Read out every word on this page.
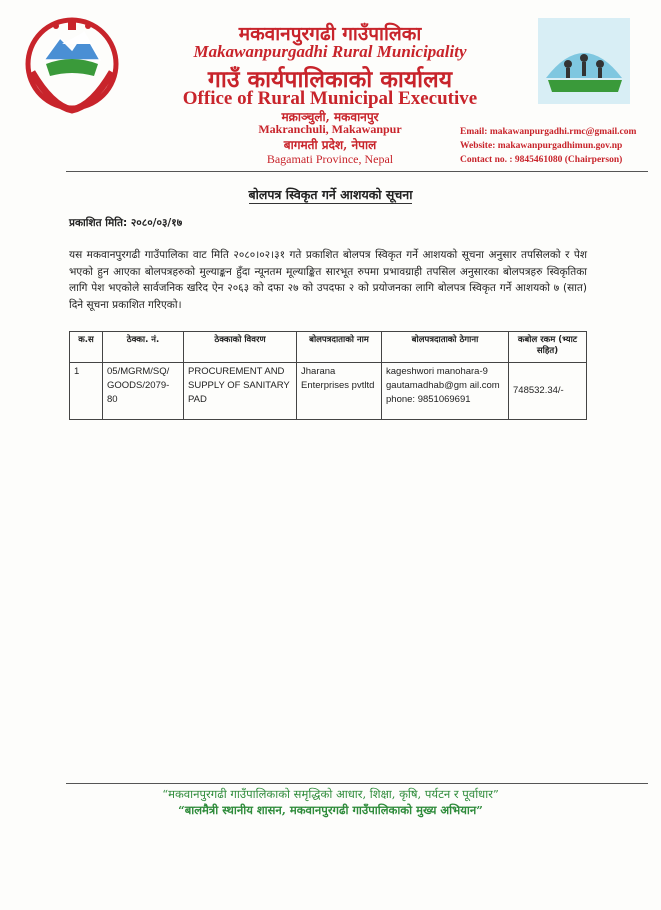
मकवानपुरगढी गाउँपालिका
Makawanpurgadhi Rural Municipality
गाउँ कार्यपालिकाको कार्यालय
Office of Rural Municipal Executive
मक्राञ्चुली, मकवानपुर
Makranchuli, Makawanpur
बागमती प्रदेश, नेपाल
Bagamati Province, Nepal
Email: makawanpurgadhi.rmc@gmail.com
Website: makawanpurgadhimun.gov.np
Contact no. : 9845461080 (Chairperson)
बोलपत्र स्विकृत गर्ने आशयको सूचना
प्रकाशित मिति: २०८०/०३/१७
यस मकवानपुरगढी गाउँपालिका वाट मिति २०८०।०२।३१ गते प्रकाशित बोलपत्र स्विकृत गर्ने आशयको सूचना अनुसार तपसिलको र पेश भएको हुन आएका बोलपत्रहरुको मुल्याङ्कन हुँदा न्यूनतम मूल्याङ्कित सारभूत रुपमा प्रभावग्राही तपसिल अनुसारका बोलपत्रहरु स्विकृतिका लागि पेश भएकोले सार्वजनिक खरिद ऐन २०६३ को दफा २७ को उपदफा २ को प्रयोजनका लागि बोलपत्र स्विकृत गर्ने आशयको ७ (सात) दिने सूचना प्रकाशित गरिएको।
क.स	ठेक्का. नं.	ठेक्काको विवरण	बोलपत्रदाताको नाम	बोलपत्रदाताको ठेगाना	कबोल रकम (भ्याट सहित)
1	05/MGRM/SQ/ GOODS/2079-80	PROCUREMENT AND SUPPLY OF SANITARY PAD	Jharana Enterprises pvtltd	kageshwori manohara-9
gautamadhab@gm ail.com
phone: 9851069691	748532.34/-
“मकवानपुरगढी गाउँपालिकाको समृद्धिको आधार, शिक्षा, कृषि, पर्यटन र पूर्वाधार”
“बालमैत्री स्थानीय शासन, मकवानपुरगढी गाउँपालिकाको मुख्य अभियान”
